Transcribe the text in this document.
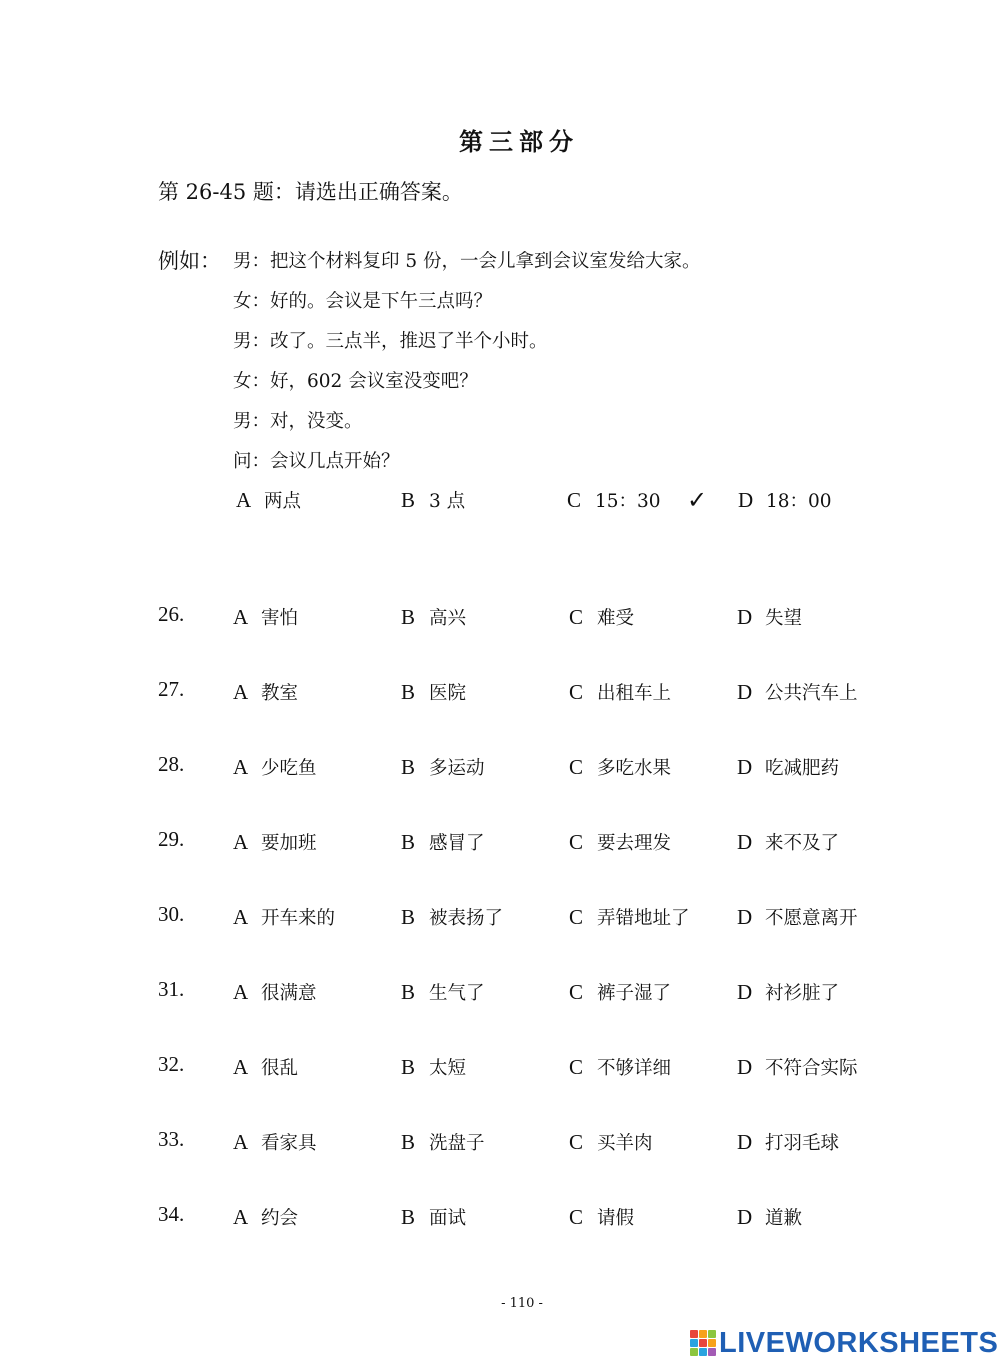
第三部分
第 26-45 题：请选出正确答案。
例如： 男：把这个材料复印 5 份，一会儿拿到会议室发给大家。
女：好的。会议是下午三点吗？
男：改了。三点半，推迟了半个小时。
女：好，602 会议室没变吧？
男：对，没变。
问：会议几点开始？
A 两点	B 3 点	C 15：30	D 18：00
✓
26. A 害怕	B 高兴	C 难受	D 失望
27. A 教室	B 医院	C 出租车上	D 公共汽车上
28. A 少吃鱼	B 多运动	C 多吃水果	D 吃减肥药
29. A 要加班	B 感冒了	C 要去理发	D 来不及了
30. A 开车来的	B 被表扬了	C 弄错地址了 D 不愿意离开
31. A 很满意	B 生气了	C 裤子湿了	D 衬衫脏了
32. A 很乱	B 太短	C 不够详细	D 不符合实际
33. A 看家具	B 洗盘子	C 买羊肉	D 打羽毛球
34. A 约会	B 面试	C 请假	D 道歉
- 110 -
LIVEWORKSHEETS
